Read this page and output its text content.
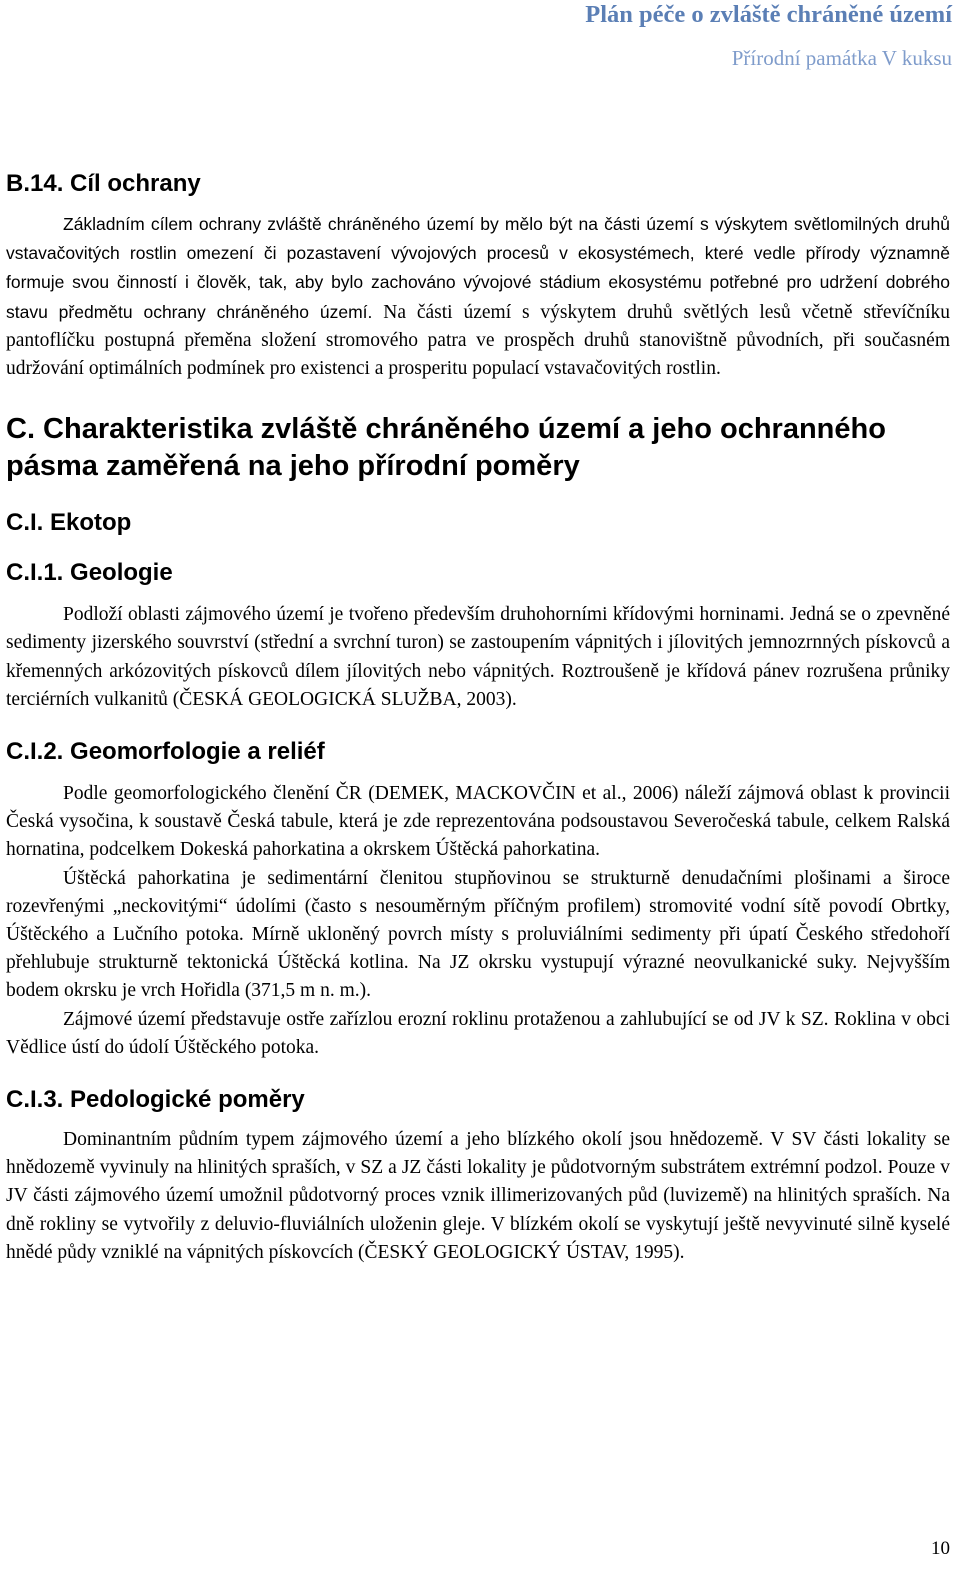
Plán péče o zvláště chráněné území
Přírodní památka V kuksu
B.14. Cíl ochrany

Základním cílem ochrany zvláště chráněného území by mělo být na části území s výskytem světlomilných druhů vstavačovitých rostlin omezení či pozastavení vývojových procesů v ekosystémech, které vedle přírody významně formuje svou činností i člověk, tak, aby bylo zachováno vývojové stádium ekosystému potřebné pro udržení dobrého stavu předmětu ochrany chráněného území. Na části území s výskytem druhů světlých lesů včetně střevíčníku pantoflíčku postupná přeměna složení stromového patra ve prospěch druhů stanovištně původních, při současném udržování optimálních podmínek pro existenci a prosperitu populací vstavačovitých rostlin.

C. Charakteristika zvláště chráněného území a jeho ochranného pásma zaměřená na jeho přírodní poměry
C.I. Ekotop
C.I.1. Geologie

Podloží oblasti zájmového území je tvořeno především druhohorními křídovými horninami. Jedná se o zpevněné sedimenty jizerského souvrství (střední a svrchní turon) se zastoupením vápnitých i jílovitých jemnozrnných pískovců a křemenných arkózovitých pískovců dílem jílovitých nebo vápnitých. Roztroušeně je křídová pánev rozrušena průniky terciérních vulkanitů (ČESKÁ GEOLOGICKÁ SLUŽBA, 2003).

C.I.2. Geomorfologie a reliéf

Podle geomorfologického členění ČR (DEMEK, MACKOVČIN et al., 2006) náleží zájmová oblast k provincii Česká vysočina, k soustavě Česká tabule, která je zde reprezentována podsoustavou Severočeská tabule, celkem Ralská hornatina, podcelkem Dokeská pahorkatina a okrskem Úštěcká pahorkatina.

Úštěcká pahorkatina je sedimentární členitou stupňovinou se strukturně denudačními plošinami a široce rozevřenými „neckovitými“ údolími (často s nesouměrným příčným profilem) stromovité vodní sítě povodí Obrtky, Úštěckého a Lučního potoka. Mírně ukloněný povrch místy s proluviálními sedimenty při úpatí Českého středohoří přehlubuje strukturně tektonická Úštěcká kotlina. Na JZ okrsku vystupují výrazné neovulkanické suky. Nejvyšším bodem okrsku je vrch Hořidla (371,5 m n. m.).

Zájmové území představuje ostře zařízlou erozní roklinu protaženou a zahlubující se od JV k SZ. Roklina v obci Vědlice ústí do údolí Úštěckého potoka.

C.I.3. Pedologické poměry

Dominantním půdním typem zájmového území a jeho blízkého okolí jsou hnědozemě. V SV části lokality se hnědozemě vyvinuly na hlinitých spraších, v SZ a JZ části lokality je půdotvorným substrátem extrémní podzol. Pouze v JV části zájmového území umožnil půdotvorný proces vznik illimerizovaných půd (luvizemě) na hlinitých spraších. Na dně rokliny se vytvořily z deluvio-fluviálních uloženin gleje. V blízkém okolí se vyskytují ještě nevyvinuté silně kyselé hnědé půdy vzniklé na vápnitých pískovcích (ČESKÝ GEOLOGICKÝ ÚSTAV, 1995).

10
